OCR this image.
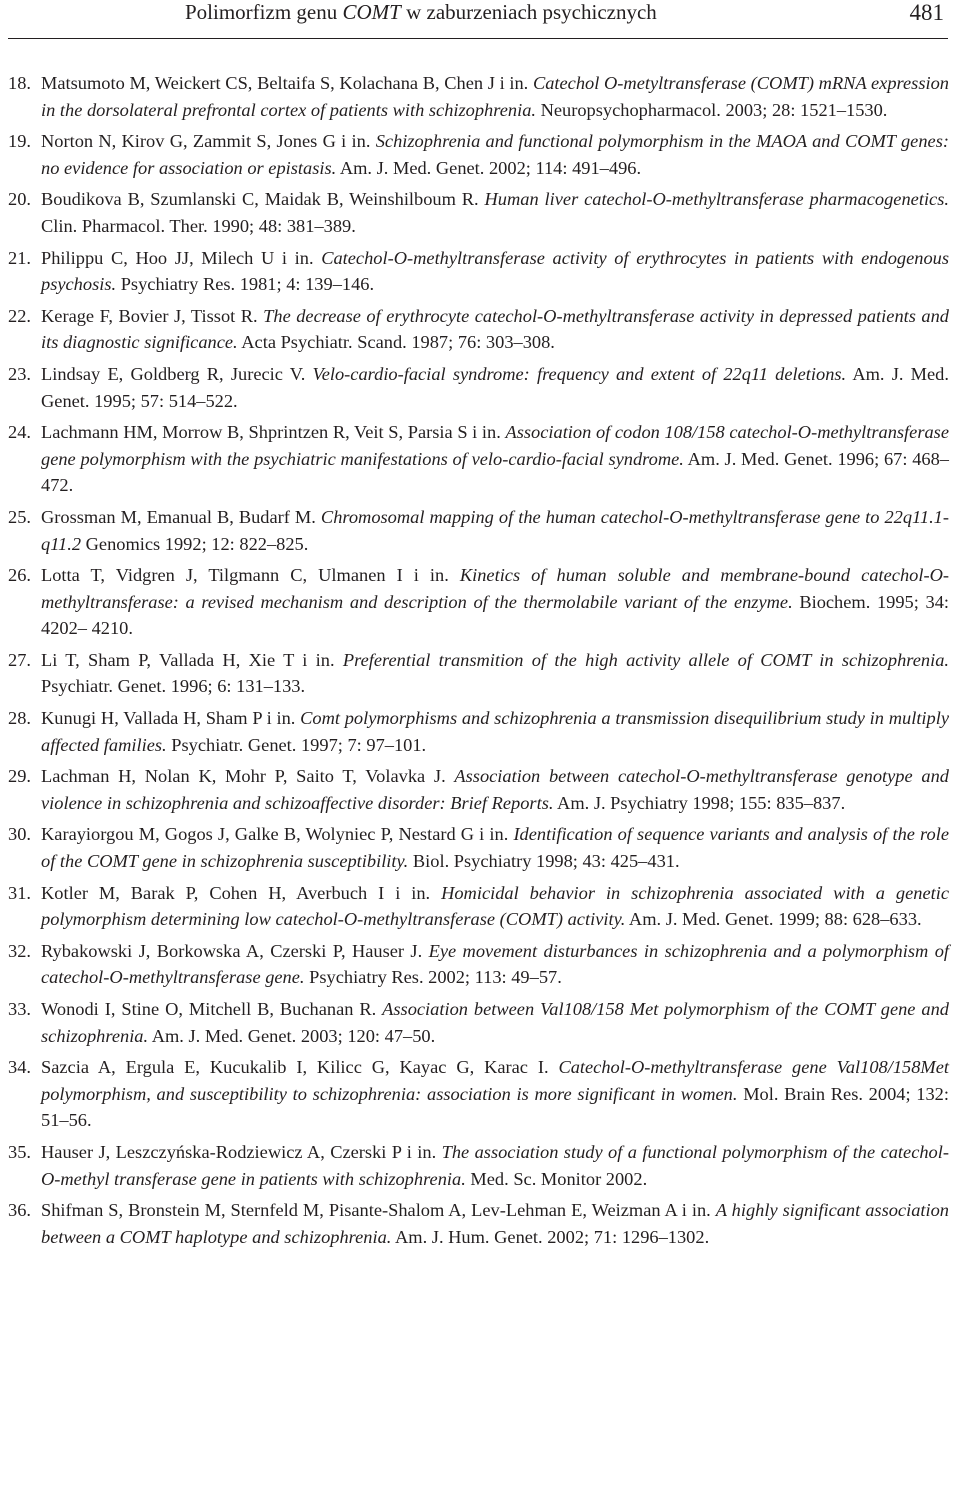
Polimorfizm genu COMT w zaburzeniach psychicznych	481
18. Matsumoto M, Weickert CS, Beltaifa S, Kolachana B, Chen J i in. Catechol O-metyltransferase (COMT) mRNA expression in the dorsolateral prefrontal cortex of patients with schizophrenia. Neuropsychopharmacol. 2003; 28: 1521–1530.
19. Norton N, Kirov G, Zammit S, Jones G i in. Schizophrenia and functional polymorphism in the MAOA and COMT genes: no evidence for association or epistasis. Am. J. Med. Genet. 2002; 114: 491–496.
20. Boudikova B, Szumlanski C, Maidak B, Weinshilboum R. Human liver catechol-O-methyltransferase pharmacogenetics. Clin. Pharmacol. Ther. 1990; 48: 381–389.
21. Philippu C, Hoo JJ, Milech U i in. Catechol-O-methyltransferase activity of erythrocytes in patients with endogenous psychosis. Psychiatry Res. 1981; 4: 139–146.
22. Kerage F, Bovier J, Tissot R. The decrease of erythrocyte catechol-O-methyltransferase activity in depressed patients and its diagnostic significance. Acta Psychiatr. Scand. 1987; 76: 303–308.
23. Lindsay E, Goldberg R, Jurecic V. Velo-cardio-facial syndrome: frequency and extent of 22q11 deletions. Am. J. Med. Genet. 1995; 57: 514–522.
24. Lachmann HM, Morrow B, Shprintzen R, Veit S, Parsia S i in. Association of codon 108/158 catechol-O-methyltransferase gene polymorphism with the psychiatric manifestations of velo-cardio-facial syndrome. Am. J. Med. Genet. 1996; 67: 468–472.
25. Grossman M, Emanual B, Budarf M. Chromosomal mapping of the human catechol-O-methyltransferase gene to 22q11.1-q11.2 Genomics 1992; 12: 822–825.
26. Lotta T, Vidgren J, Tilgmann C, Ulmanen I i in. Kinetics of human soluble and membrane-bound catechol-O-methyltransferase: a revised mechanism and description of the thermolabile variant of the enzyme. Biochem. 1995; 34: 4202– 4210.
27. Li T, Sham P, Vallada H, Xie T i in. Preferential transmition of the high activity allele of COMT in schizophrenia. Psychiatr. Genet. 1996; 6: 131–133.
28. Kunugi H, Vallada H, Sham P i in. Comt polymorphisms and schizophrenia a transmission disequilibrium study in multiply affected families. Psychiatr. Genet. 1997; 7: 97–101.
29. Lachman H, Nolan K, Mohr P, Saito T, Volavka J. Association between catechol-O-methyltransferase genotype and violence in schizophrenia and schizoaffective disorder: Brief Reports. Am. J. Psychiatry 1998; 155: 835–837.
30. Karayiorgou M, Gogos J, Galke B, Wolyniec P, Nestard G i in. Identification of sequence variants and analysis of the role of the COMT gene in schizophrenia susceptibility. Biol. Psychiatry 1998; 43: 425–431.
31. Kotler M, Barak P, Cohen H, Averbuch I i in. Homicidal behavior in schizophrenia associated with a genetic polymorphism determining low catechol-O-methyltransferase (COMT) activity. Am. J. Med. Genet. 1999; 88: 628–633.
32. Rybakowski J, Borkowska A, Czerski P, Hauser J. Eye movement disturbances in schizophrenia and a polymorphism of catechol-O-methyltransferase gene. Psychiatry Res. 2002; 113: 49–57.
33. Wonodi I, Stine O, Mitchell B, Buchanan R. Association between Val108/158 Met polymorphism of the COMT gene and schizophrenia. Am. J. Med. Genet. 2003; 120: 47–50.
34. Sazcia A, Ergula E, Kucukalib I, Kilicc G, Kayac G, Karac I. Catechol-O-methyltransferase gene Val108/158Met polymorphism, and susceptibility to schizophrenia: association is more significant in women. Mol. Brain Res. 2004; 132: 51–56.
35. Hauser J, Leszczyńska-Rodziewicz A, Czerski P i in. The association study of a functional polymorphism of the catechol-O-methyl transferase gene in patients with schizophrenia. Med. Sc. Monitor 2002.
36. Shifman S, Bronstein M, Sternfeld M, Pisante-Shalom A, Lev-Lehman E, Weizman A i in. A highly significant association between a COMT haplotype and schizophrenia. Am. J. Hum. Genet. 2002; 71: 1296–1302.
